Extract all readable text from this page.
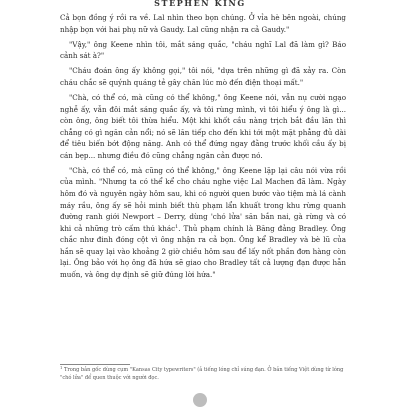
STEPHEN KING

Cả bọn đồng ý rồi ra về. Lal nhìn theo bọn chúng. Ở vỉa hè bên ngoài, chúng nhập bọn với hai phụ nữ và Gaudy. Lal cũng nhận ra cả Gaudy."

"Vậy," ông Keene nhìn tôi, mắt sáng quắc, "cháu nghĩ Lal đã làm gì? Báo cảnh sát à?"

"Cháu đoán ông ấy không gọi," tôi nói, "dựa trên những gì đã xảy ra. Còn cháu chắc sẽ quýnh quáng tẻ gây chăn lúc mò đến điện thoại mất."

"Chà, có thể có, mà cũng có thể không," ông Keene nói, vẫn nụ cười ngạo nghễ ấy, vẫn đôi mắt sáng quắc ấy, và tôi rùng mình, vì tôi hiểu ý ông là gì... còn ông, ông biết tôi thừa hiểu. Một khi khốt cầu nàng trịch bắt đầu lăn thì chẳng có gì ngăn cản nổi; nó sẽ lăn tiếp cho đến khi tới một mặt phẳng đủ dài để tiêu biến bớt động năng. Anh có thể đứng ngay đằng trước khối cầu ấy bị cán bẹp... nhưng điều đó cũng chẳng ngăn cản được nó.

"Chà, có thể có, mà cũng có thể không," ông Keene lặp lại câu nói vừa rồi của mình. "Nhưng ta có thể kể cho cháu nghe việc Lal Machen đã làm. Ngày hôm đó và nguyên ngày hôm sau, khi có người quen bước vào tiệm mà lá cành máy rầu, ông ấy sẽ hỏi minh biết thù phạm lẩn khuất trong khu rừng quanh đường ranh giới Newport – Derry, dùng 'chó lửa' săn bắn nai, gà rừng và có khi cả những trò cấm thú khác$^1$. Thủ phạm chính là Băng đảng Bradley. Ông chắc như đinh đóng cột vì ông nhận ra cả bọn. Ông kể Bradley và bè lũ của hắn sẽ quay lại vào khoảng 2 giờ chiều hôm sau để lấy nốt phần đơn hàng còn lại. Ông bảo với họ ông đã hứa sẽ giao cho Bradley tất cả lượng đạn được hẵn muốn, và ông dự định sẽ giữ đúng lời hứa."

$^1$ Trong bản gốc dùng cụm "Kansas City typewriters" (ả tiếng lóng chỉ súng đạn. Ở bản tiếng Việt dùng từ lóng "chó lửa" để quen thuộc với người đọc.
